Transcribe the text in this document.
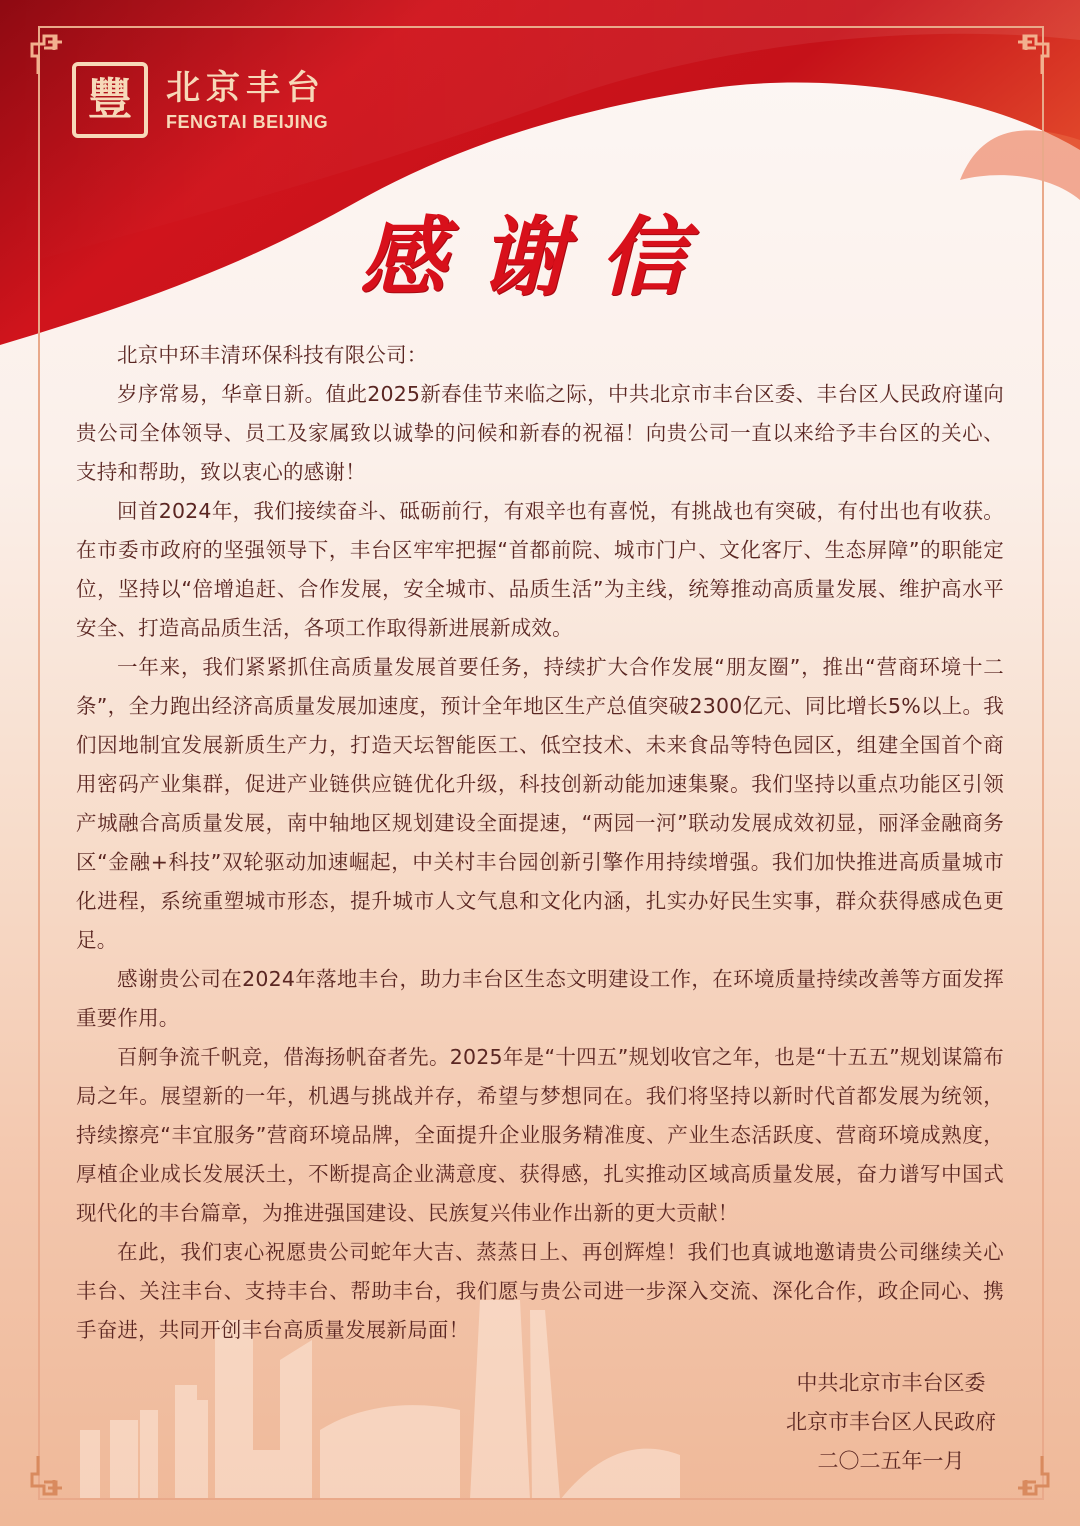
豐	北京丰台
FENGTAI BEIJING
感谢信

北京中环丰清环保科技有限公司：

岁序常易，华章日新。值此2025新春佳节来临之际，中共北京市丰台区委、丰台区人民政府谨向贵公司全体领导、员工及家属致以诚挚的问候和新春的祝福！向贵公司一直以来给予丰台区的关心、支持和帮助，致以衷心的感谢！

回首2024年，我们接续奋斗、砥砺前行，有艰辛也有喜悦，有挑战也有突破，有付出也有收获。在市委市政府的坚强领导下，丰台区牢牢把握“首都前院、城市门户、文化客厅、生态屏障”的职能定位，坚持以“倍增追赶、合作发展，安全城市、品质生活”为主线，统筹推动高质量发展、维护高水平安全、打造高品质生活，各项工作取得新进展新成效。

一年来，我们紧紧抓住高质量发展首要任务，持续扩大合作发展“朋友圈”，推出“营商环境十二条”，全力跑出经济高质量发展加速度，预计全年地区生产总值突破2300亿元、同比增长5%以上。我们因地制宜发展新质生产力，打造天坛智能医工、低空技术、未来食品等特色园区，组建全国首个商用密码产业集群，促进产业链供应链优化升级，科技创新动能加速集聚。我们坚持以重点功能区引领产城融合高质量发展，南中轴地区规划建设全面提速，“两园一河”联动发展成效初显，丽泽金融商务区“金融+科技”双轮驱动加速崛起，中关村丰台园创新引擎作用持续增强。我们加快推进高质量城市化进程，系统重塑城市形态，提升城市人文气息和文化内涵，扎实办好民生实事，群众获得感成色更足。

感谢贵公司在2024年落地丰台，助力丰台区生态文明建设工作，在环境质量持续改善等方面发挥重要作用。

百舸争流千帆竞，借海扬帆奋者先。2025年是“十四五”规划收官之年，也是“十五五”规划谋篇布局之年。展望新的一年，机遇与挑战并存，希望与梦想同在。我们将坚持以新时代首都发展为统领，持续擦亮“丰宜服务”营商环境品牌，全面提升企业服务精准度、产业生态活跃度、营商环境成熟度，厚植企业成长发展沃土，不断提高企业满意度、获得感，扎实推动区域高质量发展，奋力谱写中国式现代化的丰台篇章，为推进强国建设、民族复兴伟业作出新的更大贡献！

在此，我们衷心祝愿贵公司蛇年大吉、蒸蒸日上、再创辉煌！我们也真诚地邀请贵公司继续关心丰台、关注丰台、支持丰台、帮助丰台，我们愿与贵公司进一步深入交流、深化合作，政企同心、携手奋进，共同开创丰台高质量发展新局面！

中共北京市丰台区委
北京市丰台区人民政府
二〇二五年一月
